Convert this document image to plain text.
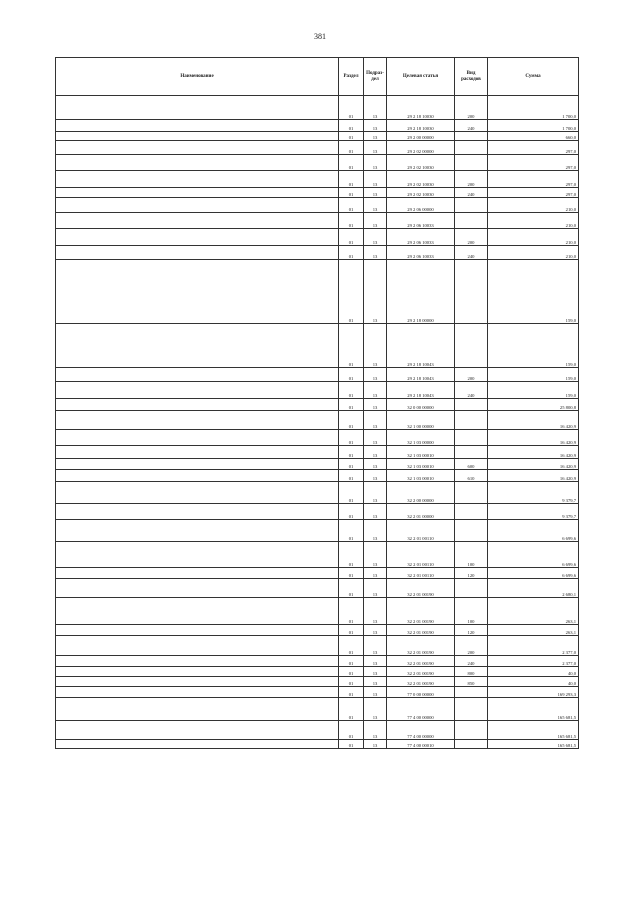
381
Наименование	Раздел	Подраз-дел	Целевая статья	Вид расходов	Сумма
	01	13	29 2 18 10030	200	1 700,0
	01	13	29 2 18 10030	240	1 700,0
	01	13	29 2 00 00000		660,0
	01	13	29 2 02 00000		297,0
	01	13	29 2 02 10030		297,0
	01	13	29 2 02 10030	200	297,0
	01	13	29 2 02 10030	240	297,0
	01	13	29 2 06 00000		210,0
	01	13	29 2 06 10033		210,0
	01	13	29 2 06 10033	200	210,0
	01	13	29 2 06 10033	240	210,0
	01	13	29 2 18 00000		159,0
	01	13	29 2 18 10043		159,0
	01	13	29 2 18 10043	200	159,0
	01	13	29 2 18 10043	240	159,0
	01	13	32 0 00 00000		25 800,8
	01	13	32 1 00 00000		16 420,9
	01	13	32 1 03 00000		16 420,9
	01	13	32 1 03 00010		16 420,9
	01	13	32 1 03 00010	600	16 420,9
	01	13	32 1 03 00010	610	16 420,9
	01	13	32 2 00 00000		9 379,7
	01	13	32 2 01 00000		9 379,7
	01	13	32 2 01 00110		6 699,6
	01	13	32 2 01 00110	100	6 699,6
	01	13	32 2 01 00110	120	6 699,6
	01	13	32 2 01 00190		2 680,1
	01	13	32 2 01 00190	100	263,1
	01	13	32 2 01 00190	120	263,1
	01	13	32 2 01 00190	200	2 377,0
	01	13	32 2 01 00190	240	2 377,0
	01	13	32 2 01 00190	800	40,0
	01	13	32 2 01 00190	850	40,0
	01	13	77 0 00 00000		169 293,3
	01	13	77 4 00 00000		165 681,5
	01	13	77 4 00 00000		165 681,5
	01	13	77 4 00 00010		165 681,5
